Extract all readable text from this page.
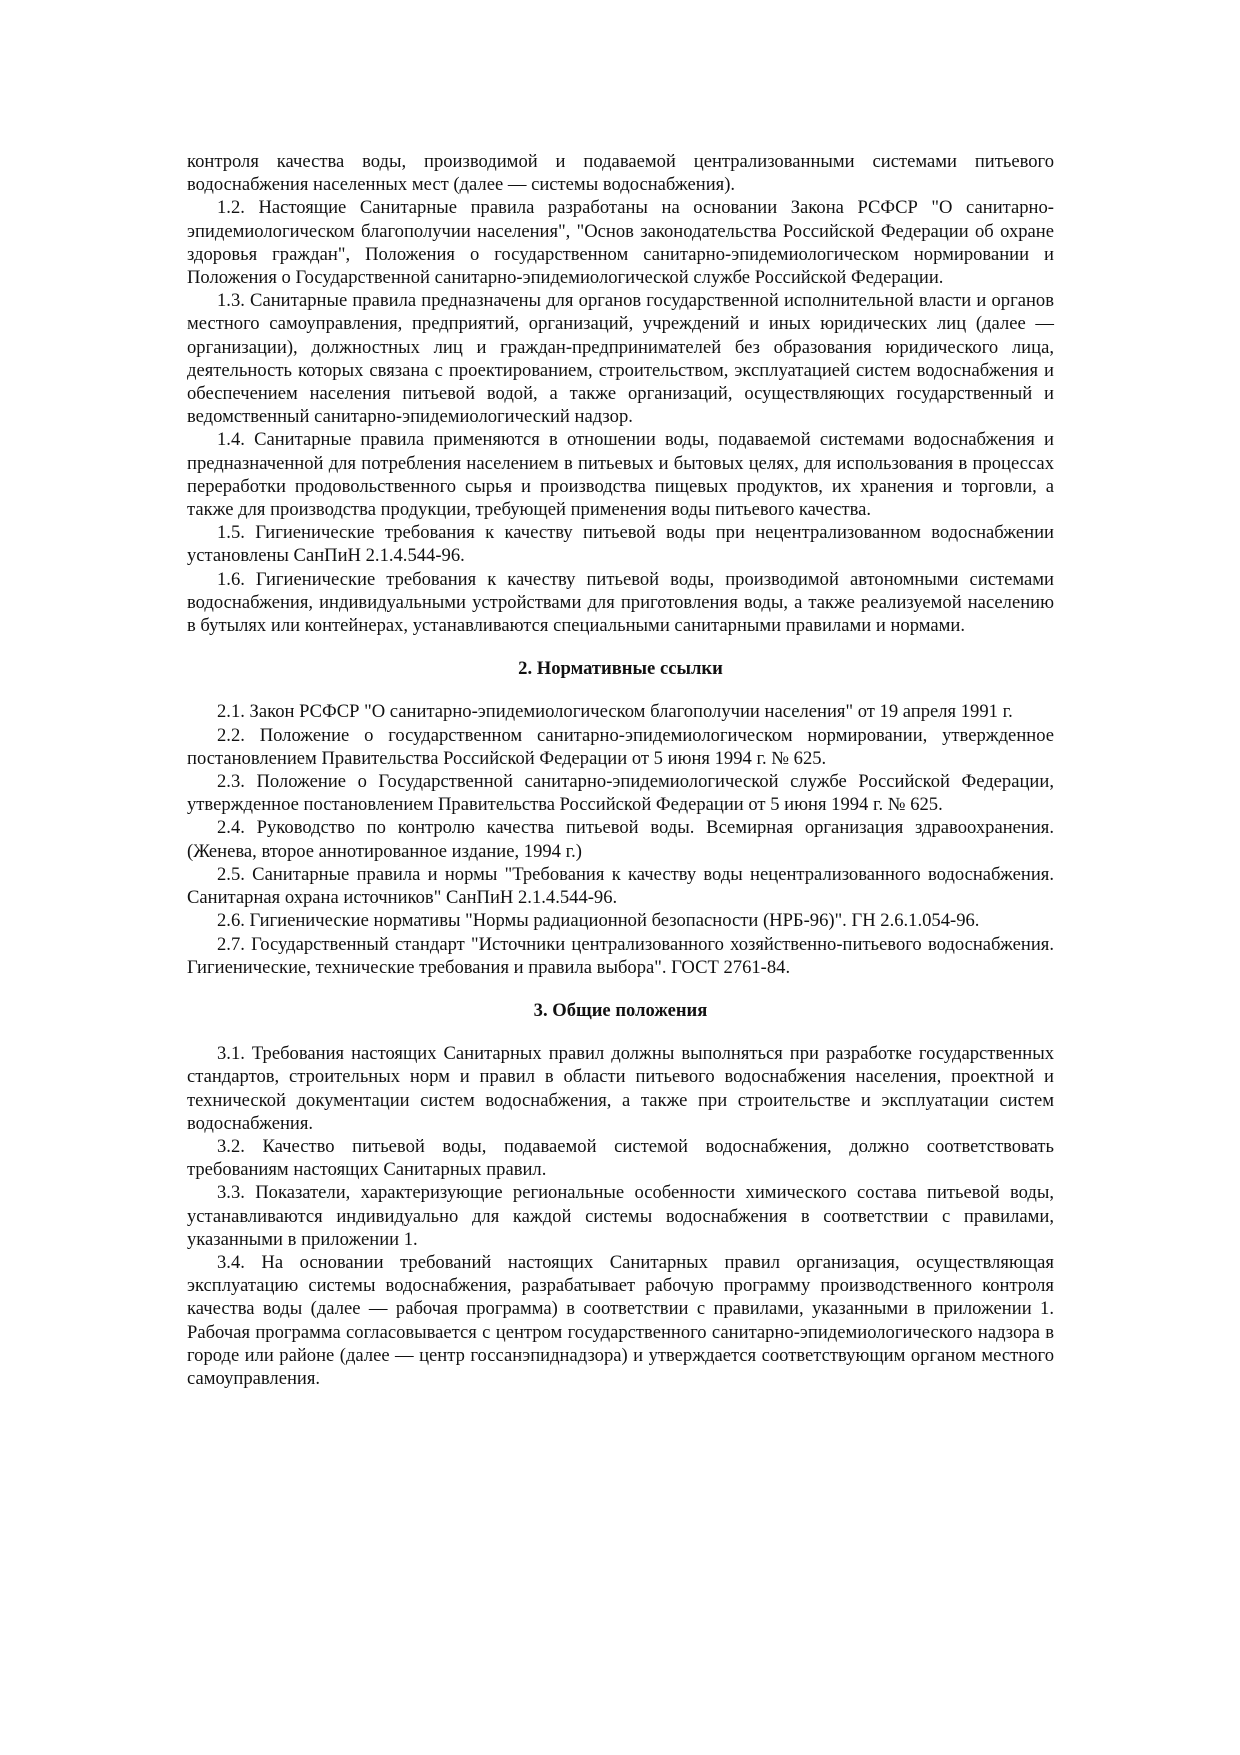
контроля качества воды, производимой и подаваемой централизованными системами питьевого водоснабжения населенных мест (далее — системы водоснабжения).

1.2. Настоящие Санитарные правила разработаны на основании Закона РСФСР "О санитарно-эпидемиологическом благополучии населения", "Основ законодательства Российской Федерации об охране здоровья граждан", Положения о государственном санитарно-эпидемиологическом нормировании и Положения о Государственной санитарно-эпидемиологической службе Российской Федерации.

1.3. Санитарные правила предназначены для органов государственной исполнительной власти и органов местного самоуправления, предприятий, организаций, учреждений и иных юридических лиц (далее — организации), должностных лиц и граждан-предпринимателей без образования юридического лица, деятельность которых связана с проектированием, строительством, эксплуатацией систем водоснабжения и обеспечением населения питьевой водой, а также организаций, осуществляющих государственный и ведомственный санитарно-эпидемиологический надзор.

1.4. Санитарные правила применяются в отношении воды, подаваемой системами водоснабжения и предназначенной для потребления населением в питьевых и бытовых целях, для использования в процессах переработки продовольственного сырья и производства пищевых продуктов, их хранения и торговли, а также для производства продукции, требующей применения воды питьевого качества.

1.5. Гигиенические требования к качеству питьевой воды при нецентрализованном водоснабжении установлены СанПиН 2.1.4.544-96.

1.6. Гигиенические требования к качеству питьевой воды, производимой автономными системами водоснабжения, индивидуальными устройствами для приготовления воды, а также реализуемой населению в бутылях или контейнерах, устанавливаются специальными санитарными правилами и нормами.

2. Нормативные ссылки

2.1. Закон РСФСР "О санитарно-эпидемиологическом благополучии населения" от 19 апреля 1991 г.

2.2. Положение о государственном санитарно-эпидемиологическом нормировании, утвержденное постановлением Правительства Российской Федерации от 5 июня 1994 г. № 625.

2.3. Положение о Государственной санитарно-эпидемиологической службе Российской Федерации, утвержденное постановлением Правительства Российской Федерации от 5 июня 1994 г. № 625.

2.4. Руководство по контролю качества питьевой воды. Всемирная организация здравоохранения. (Женева, второе аннотированное издание, 1994 г.)

2.5. Санитарные правила и нормы "Требования к качеству воды нецентрализованного водоснабжения. Санитарная охрана источников" СанПиН 2.1.4.544-96.

2.6. Гигиенические нормативы "Нормы радиационной безопасности (НРБ-96)". ГН 2.6.1.054-96.

2.7. Государственный стандарт "Источники централизованного хозяйственно-питьевого водоснабжения. Гигиенические, технические требования и правила выбора". ГОСТ 2761-84.

3. Общие положения

3.1. Требования настоящих Санитарных правил должны выполняться при разработке государственных стандартов, строительных норм и правил в области питьевого водоснабжения населения, проектной и технической документации систем водоснабжения, а также при строительстве и эксплуатации систем водоснабжения.

3.2. Качество питьевой воды, подаваемой системой водоснабжения, должно соответствовать требованиям настоящих Санитарных правил.

3.3. Показатели, характеризующие региональные особенности химического состава питьевой воды, устанавливаются индивидуально для каждой системы водоснабжения в соответствии с правилами, указанными в приложении 1.

3.4. На основании требований настоящих Санитарных правил организация, осуществляющая эксплуатацию системы водоснабжения, разрабатывает рабочую программу производственного контроля качества воды (далее — рабочая программа) в соответствии с правилами, указанными в приложении 1. Рабочая программа согласовывается с центром государственного санитарно-эпидемиологического надзора в городе или районе (далее — центр госсанэпиднадзора) и утверждается соответствующим органом местного самоуправления.
